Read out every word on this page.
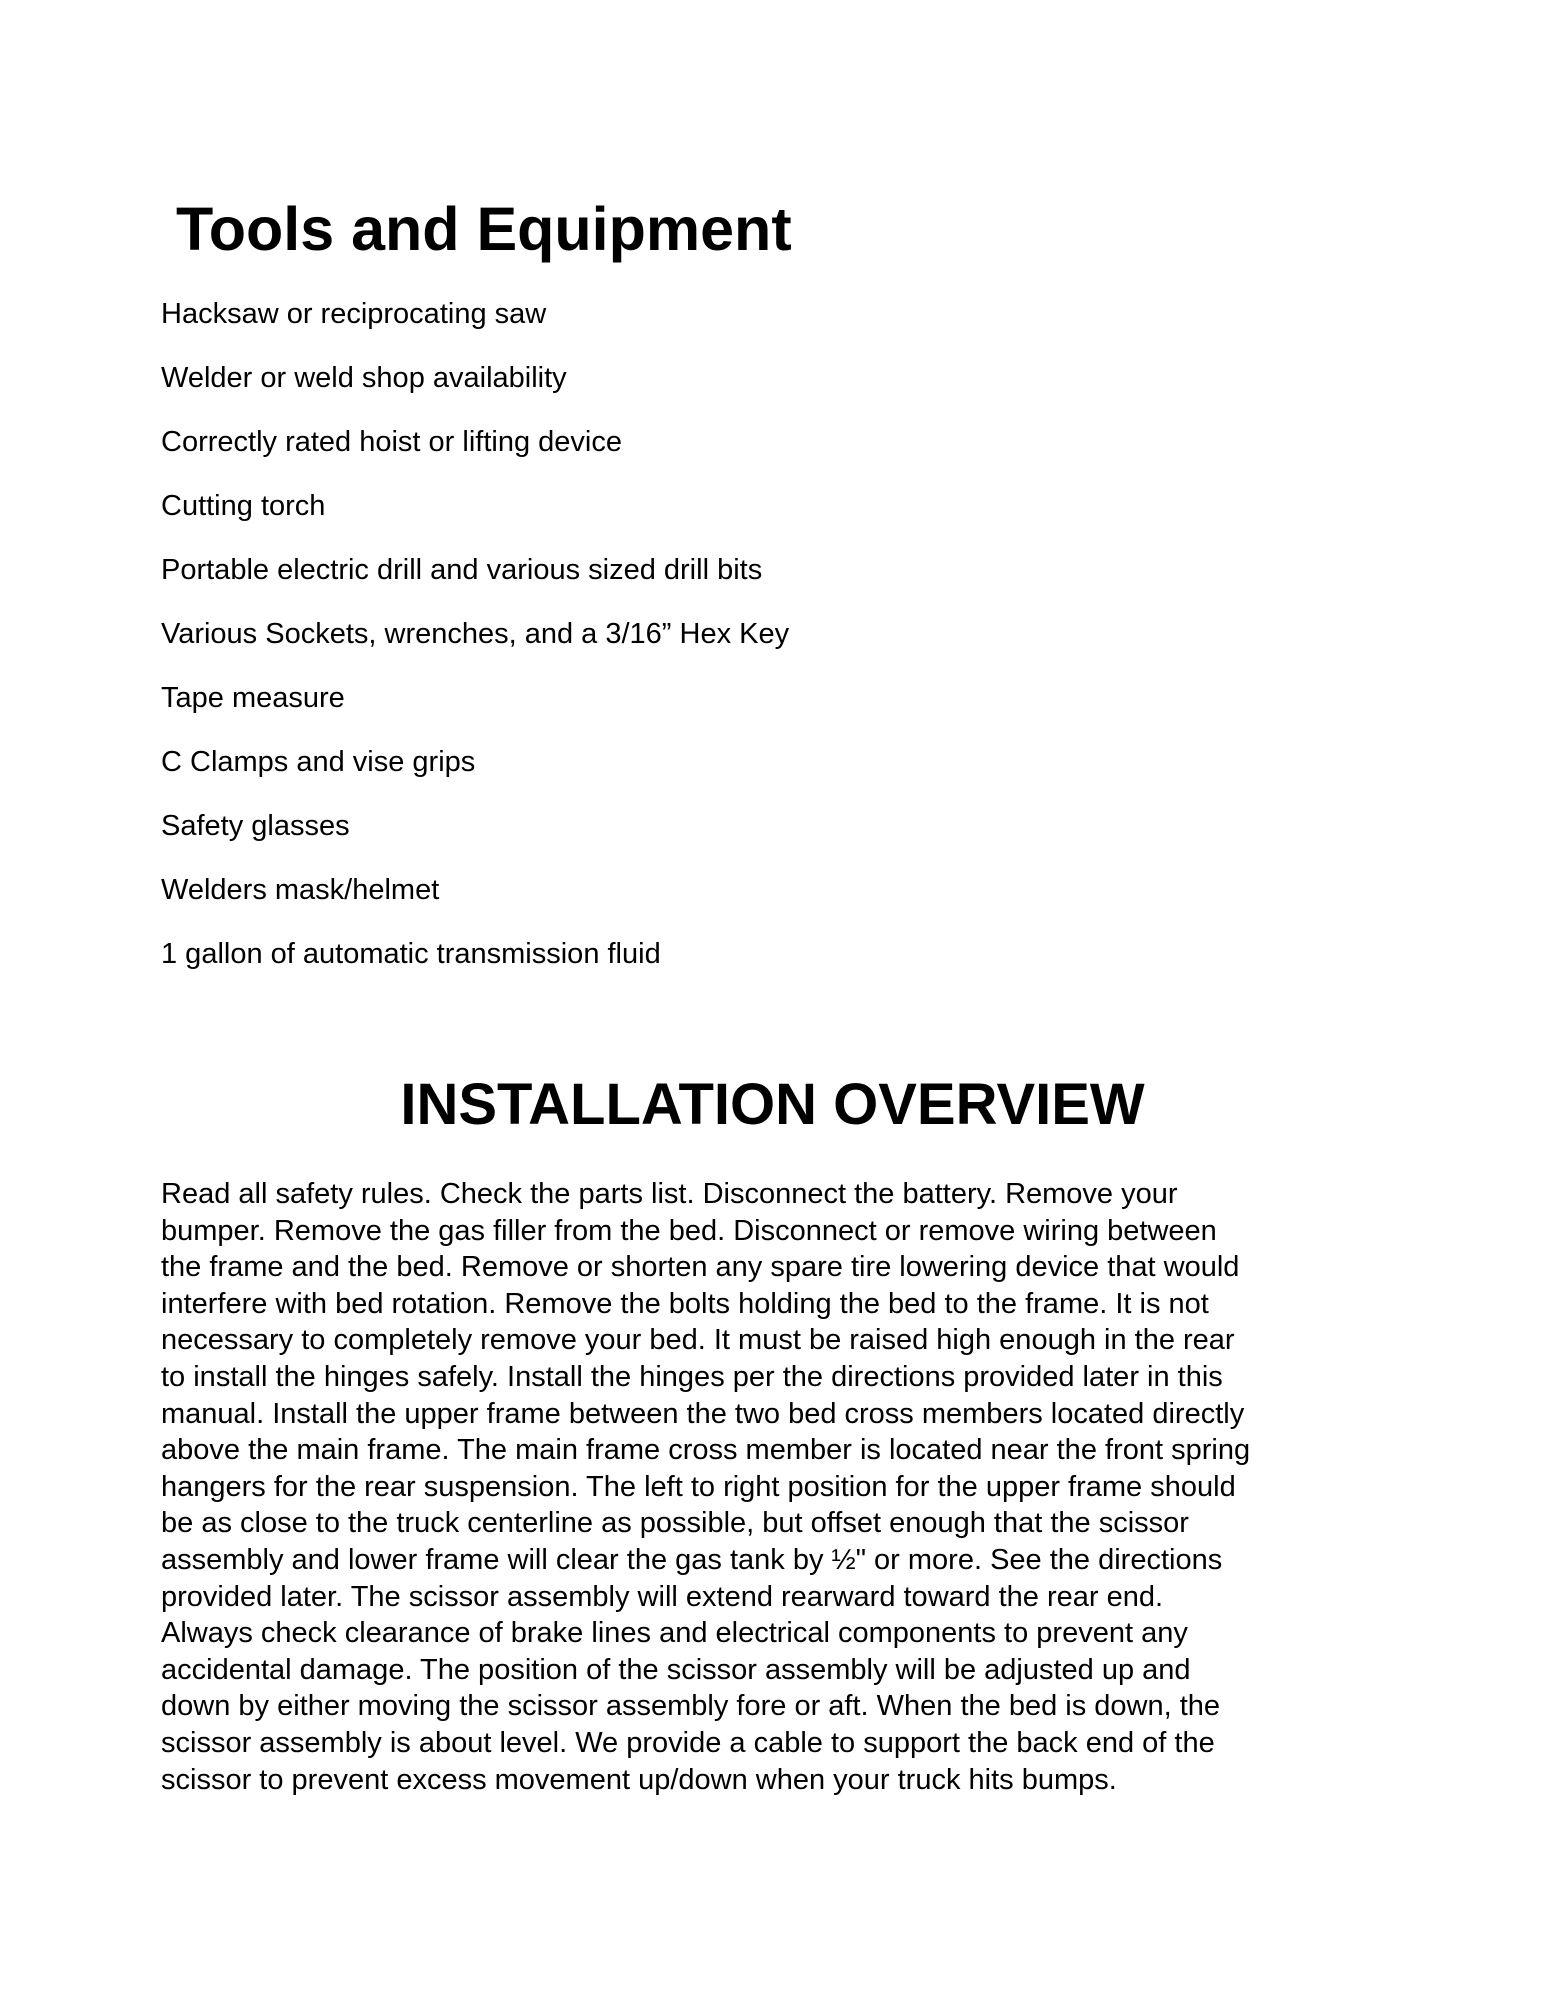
Tools and Equipment
Hacksaw or reciprocating saw
Welder or weld shop availability
Correctly rated hoist or lifting device
Cutting torch
Portable electric drill and various sized drill bits
Various Sockets, wrenches, and a 3/16” Hex Key
Tape measure
C Clamps and vise grips
Safety glasses
Welders mask/helmet
1 gallon of automatic transmission fluid
INSTALLATION OVERVIEW
Read all safety rules. Check the parts list. Disconnect the battery. Remove your
bumper. Remove the gas filler from the bed. Disconnect or remove wiring between
the frame and the bed. Remove or shorten any spare tire lowering device that would
interfere with bed rotation. Remove the bolts holding the bed to the frame. It is not
necessary to completely remove your bed. It must be raised high enough in the rear
to install the hinges safely. Install the hinges per the directions provided later in this
manual. Install the upper frame between the two bed cross members located directly
above the main frame. The main frame cross member is located near the front spring
hangers for the rear suspension. The left to right position for the upper frame should
be as close to the truck centerline as possible, but offset enough that the scissor
assembly and lower frame will clear the gas tank by ½" or more. See the directions
provided later. The scissor assembly will extend rearward toward the rear end.
Always check clearance of brake lines and electrical components to prevent any
accidental damage. The position of the scissor assembly will be adjusted up and
down by either moving the scissor assembly fore or aft. When the bed is down, the
scissor assembly is about level. We provide a cable to support the back end of the
scissor to prevent excess movement up/down when your truck hits bumps.
